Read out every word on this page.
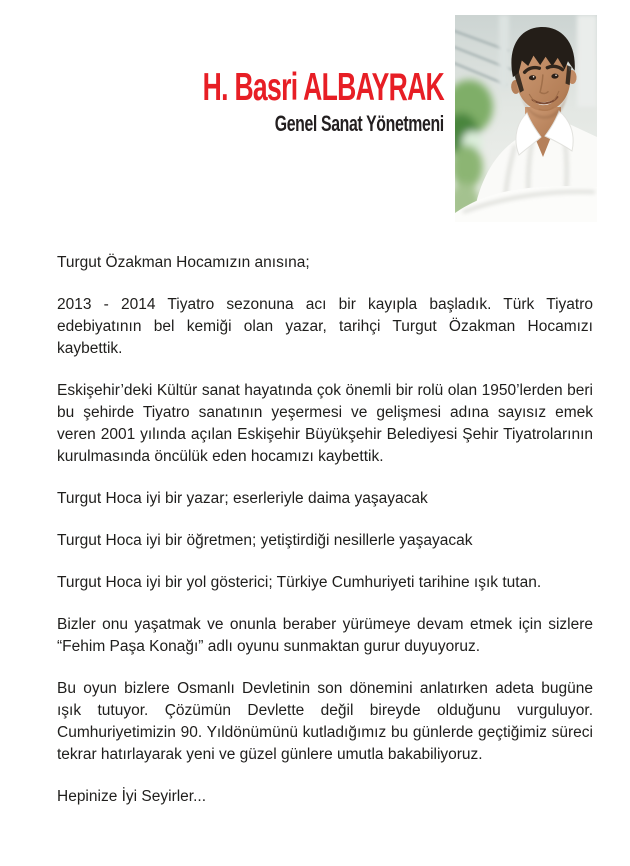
H. Basri ALBAYRAK
Genel Sanat Yönetmeni

Turgut Özakman Hocamızın anısına;

2013 - 2014 Tiyatro sezonuna acı bir kayıpla başladık. Türk Tiyatro edebiyatının bel kemiği olan yazar, tarihçi Turgut Özakman Hocamızı kaybettik.

Eskişehir’deki Kültür sanat hayatında çok önemli bir rolü olan 1950’lerden beri bu şehirde Tiyatro sanatının yeşermesi ve gelişmesi adına sayısız emek veren 2001 yılında açılan Eskişehir Büyükşehir Belediyesi Şehir Tiyatrolarının kurulmasında öncülük eden hocamızı kaybettik.

Turgut Hoca iyi bir yazar; eserleriyle daima yaşayacak

Turgut Hoca iyi bir öğretmen; yetiştirdiği nesillerle yaşayacak

Turgut Hoca iyi bir yol gösterici; Türkiye Cumhuriyeti tarihine ışık tutan.

Bizler onu yaşatmak ve onunla beraber yürümeye devam etmek için sizlere “Fehim Paşa Konağı” adlı oyunu sunmaktan gurur duyuyoruz.

Bu oyun bizlere Osmanlı Devletinin son dönemini anlatırken adeta bugüne ışık tutuyor. Çözümün Devlette değil bireyde olduğunu vurguluyor. Cumhuriyetimizin 90. Yıldönümünü kutladığımız bu günlerde geçtiğimiz süreci tekrar hatırlayarak yeni ve güzel günlere umutla bakabiliyoruz.

Hepinize İyi Seyirler...
